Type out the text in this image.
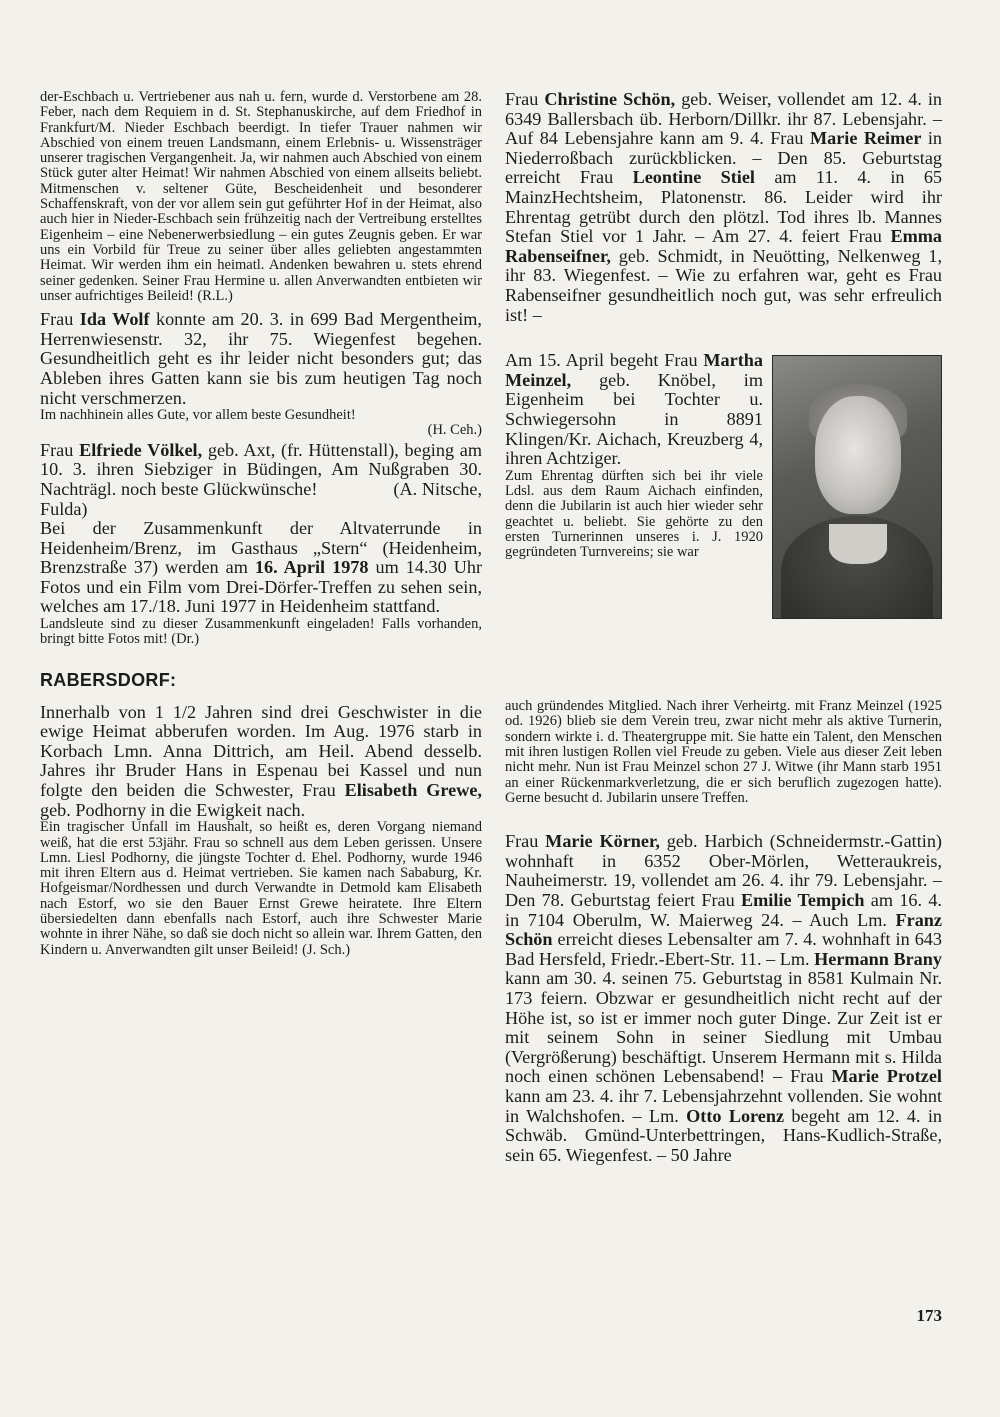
der-Eschbach u. Vertriebener aus nah u. fern, wurde d. Verstorbene am 28. Feber, nach dem Requiem in d. St. Stephanuskirche, auf dem Friedhof in Frankfurt/M. Nieder Eschbach beerdigt. In tiefer Trauer nahmen wir Abschied von einem treuen Landsmann, einem Erlebnis- u. Wissensträger unserer tragischen Vergangenheit. Ja, wir nahmen auch Abschied von einem Stück guter alter Heimat! Wir nahmen Abschied von einem allseits beliebt. Mitmenschen v. seltener Güte, Bescheidenheit und besonderer Schaffenskraft, von der vor allem sein gut geführter Hof in der Heimat, also auch hier in Nieder-Eschbach sein frühzeitig nach der Vertreibung erstelltes Eigenheim – eine Nebenerwerbsiedlung – ein gutes Zeugnis geben. Er war uns ein Vorbild für Treue zu seiner über alles geliebten angestammten Heimat. Wir werden ihm ein heimatl. Andenken bewahren u. stets ehrend seiner gedenken. Seiner Frau Hermine u. allen Anverwandten entbieten wir unser aufrichtiges Beileid! (R.L.)

Frau Ida Wolf konnte am 20. 3. in 699 Bad Mergentheim, Herrenwiesenstr. 32, ihr 75. Wiegenfest begehen. Gesundheitlich geht es ihr leider nicht besonders gut; das Ableben ihres Gatten kann sie bis zum heutigen Tag noch nicht verschmerzen.

Im nachhinein alles Gute, vor allem beste Gesundheit!

(H. Ceh.)

Frau Elfriede Völkel, geb. Axt, (fr. Hüttenstall), beging am 10. 3. ihren Siebziger in Büdingen, Am Nußgraben 30. Nachträgl. noch beste Glückwünsche!                (A. Nitsche, Fulda)

Bei der Zusammenkunft der Altvaterrunde in Heidenheim/Brenz, im Gasthaus „Stern“ (Heidenheim, Brenzstraße 37) werden am 16. April 1978 um 14.30 Uhr Fotos und ein Film vom Drei-Dörfer-Treffen zu sehen sein, welches am 17./18. Juni 1977 in Heidenheim stattfand.

Landsleute sind zu dieser Zusammenkunft eingeladen! Falls vorhanden, bringt bitte Fotos mit! (Dr.)

RABERSDORF:

Innerhalb von 1 1/2 Jahren sind drei Geschwister in die ewige Heimat abberufen worden. Im Aug. 1976 starb in Korbach Lmn. Anna Dittrich, am Heil. Abend desselb. Jahres ihr Bruder Hans in Espenau bei Kassel und nun folgte den beiden die Schwester, Frau Elisabeth Grewe, geb. Podhorny in die Ewigkeit nach.

Ein tragischer Unfall im Haushalt, so heißt es, deren Vorgang niemand weiß, hat die erst 53jähr. Frau so schnell aus dem Leben gerissen. Unsere Lmn. Liesl Podhorny, die jüngste Tochter d. Ehel. Podhorny, wurde 1946 mit ihren Eltern aus d. Heimat vertrieben. Sie kamen nach Sababurg, Kr. Hofgeismar/Nordhessen und durch Verwandte in Detmold kam Elisabeth nach Estorf, wo sie den Bauer Ernst Grewe heiratete. Ihre Eltern übersiedelten dann ebenfalls nach Estorf, auch ihre Schwester Marie wohnte in ihrer Nähe, so daß sie doch nicht so allein war. Ihrem Gatten, den Kindern u. Anverwandten gilt unser Beileid! (J. Sch.)

Frau Christine Schön, geb. Weiser, vollendet am 12. 4. in 6349 Ballersbach üb. Herborn/Dillkr. ihr 87. Lebensjahr. – Auf 84 Lebensjahre kann am 9. 4. Frau Marie Reimer in Niederroßbach zurückblicken. – Den 85. Geburtstag erreicht Frau Leontine Stiel am 11. 4. in 65 MainzHechtsheim, Platonenstr. 86. Leider wird ihr Ehrentag getrübt durch den plötzl. Tod ihres lb. Mannes Stefan Stiel vor 1 Jahr. – Am 27. 4. feiert Frau Emma Rabenseifner, geb. Schmidt, in Neuötting, Nelkenweg 1, ihr 83. Wiegenfest. – Wie zu erfahren war, geht es Frau Rabenseifner gesundheitlich noch gut, was sehr erfreulich ist! –

Am 15. April begeht Frau Martha Meinzel, geb. Knöbel, im Eigenheim bei Tochter u. Schwiegersohn in 8891 Klingen/Kr. Aichach, Kreuzberg 4, ihren Achtziger.

Zum Ehrentag dürften sich bei ihr viele Ldsl. aus dem Raum Aichach einfinden, denn die Jubilarin ist auch hier wieder sehr geachtet u. beliebt. Sie gehörte zu den ersten Turnerinnen unseres i. J. 1920 gegründeten Turnvereins; sie war

auch gründendes Mitglied. Nach ihrer Verheirtg. mit Franz Meinzel (1925 od. 1926) blieb sie dem Verein treu, zwar nicht mehr als aktive Turnerin, sondern wirkte i. d. Theatergruppe mit. Sie hatte ein Talent, den Menschen mit ihren lustigen Rollen viel Freude zu geben. Viele aus dieser Zeit leben nicht mehr. Nun ist Frau Meinzel schon 27 J. Witwe (ihr Mann starb 1951 an einer Rückenmarkverletzung, die er sich beruflich zugezogen hatte). Gerne besucht d. Jubilarin unsere Treffen.

Frau Marie Körner, geb. Harbich (Schneidermstr.-Gattin) wohnhaft in 6352 Ober-Mörlen, Wetteraukreis, Nauheimerstr. 19, vollendet am 26. 4. ihr 79. Lebensjahr. – Den 78. Geburtstag feiert Frau Emilie Tempich am 16. 4. in 7104 Oberulm, W. Maierweg 24. – Auch Lm. Franz Schön erreicht dieses Lebensalter am 7. 4. wohnhaft in 643 Bad Hersfeld, Friedr.-Ebert-Str. 11. – Lm. Hermann Brany kann am 30. 4. seinen 75. Geburtstag in 8581 Kulmain Nr. 173 feiern. Obzwar er gesundheitlich nicht recht auf der Höhe ist, so ist er immer noch guter Dinge. Zur Zeit ist er mit seinem Sohn in seiner Siedlung mit Umbau (Vergrößerung) beschäftigt. Unserem Hermann mit s. Hilda noch einen schönen Lebensabend! – Frau Marie Protzel kann am 23. 4. ihr 7. Lebensjahrzehnt vollenden. Sie wohnt in Walchshofen. – Lm. Otto Lorenz begeht am 12. 4. in Schwäb. Gmünd-Unterbettringen, Hans-Kudlich-Straße, sein 65. Wiegenfest. – 50 Jahre

173
